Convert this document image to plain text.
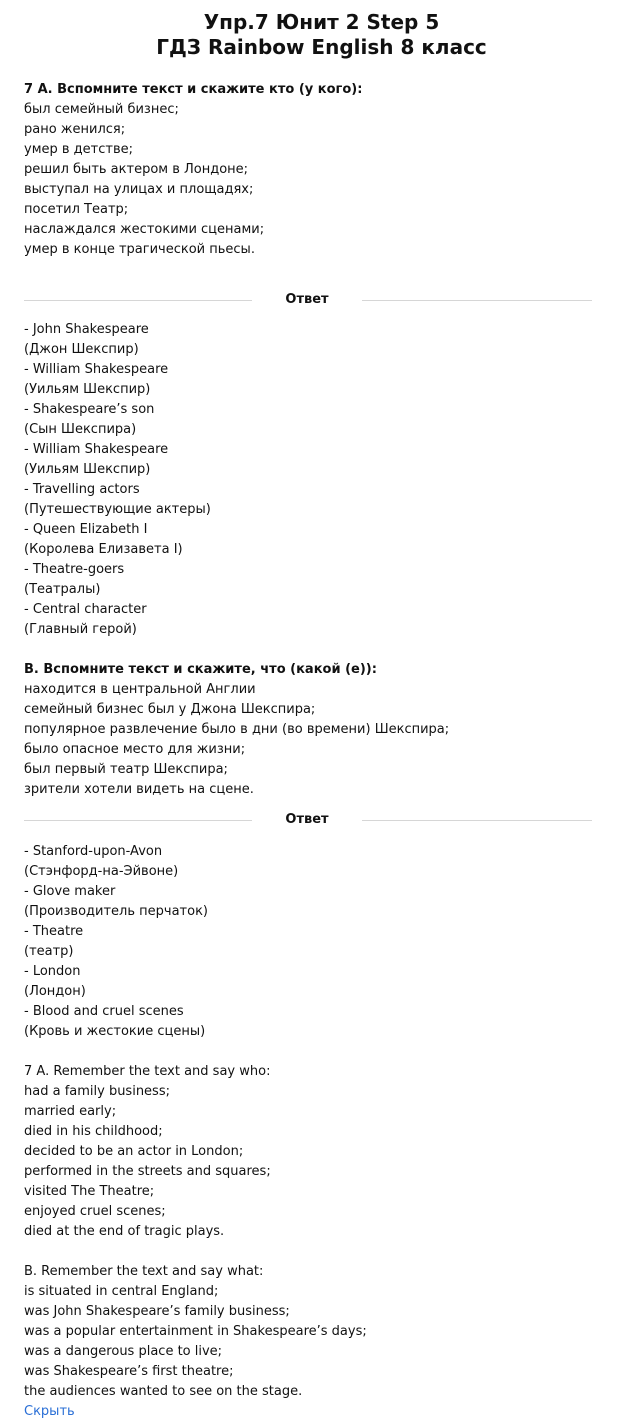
Упр.7 Юнит 2 Step 5
ГДЗ Rainbow English 8 класс
7 А. Вспомните текст и скажите кто (у кого):
был семейный бизнес;
рано женился;
умер в детстве;
решил быть актером в Лондоне;
выступал на улицах и площадях;
посетил Театр;
наслаждался жестокими сценами;
умер в конце трагической пьесы.
Ответ
- John Shakespeare
(Джон Шекспир)
- William Shakespeare
(Уильям Шекспир)
- Shakespeare’s son
(Сын Шекспира)
- William Shakespeare
(Уильям Шекспир)
- Travelling actors
(Путешествующие актеры)
- Queen Elizabeth I
(Королева Елизавета I)
- Theatre-goers
(Театралы)
- Central character
(Главный герой)
B. Вспомните текст и скажите, что (какой (е)):
находится в центральной Англии
семейный бизнес был у Джона Шекспира;
популярное развлечение было в дни (во времени) Шекспира;
было опасное место для жизни;
был первый театр Шекспира;
зрители хотели видеть на сцене.
Ответ
- Stanford-upon-Avon
(Стэнфорд-на-Эйвоне)
- Glove maker
(Производитель перчаток)
- Theatre
(театр)
- London
(Лондон)
- Blood and cruel scenes
(Кровь и жестокие сцены)
7 A. Remember the text and say who:
had a family business;
married early;
died in his childhood;
decided to be an actor in London;
performed in the streets and squares;
visited The Theatre;
enjoyed cruel scenes;
died at the end of tragic plays.
B. Remember the text and say what:
is situated in central England;
was John Shakespeare’s family business;
was a popular entertainment in Shakespeare’s days;
was a dangerous place to live;
was Shakespeare’s first theatre;
the audiences wanted to see on the stage.
Скрыть
